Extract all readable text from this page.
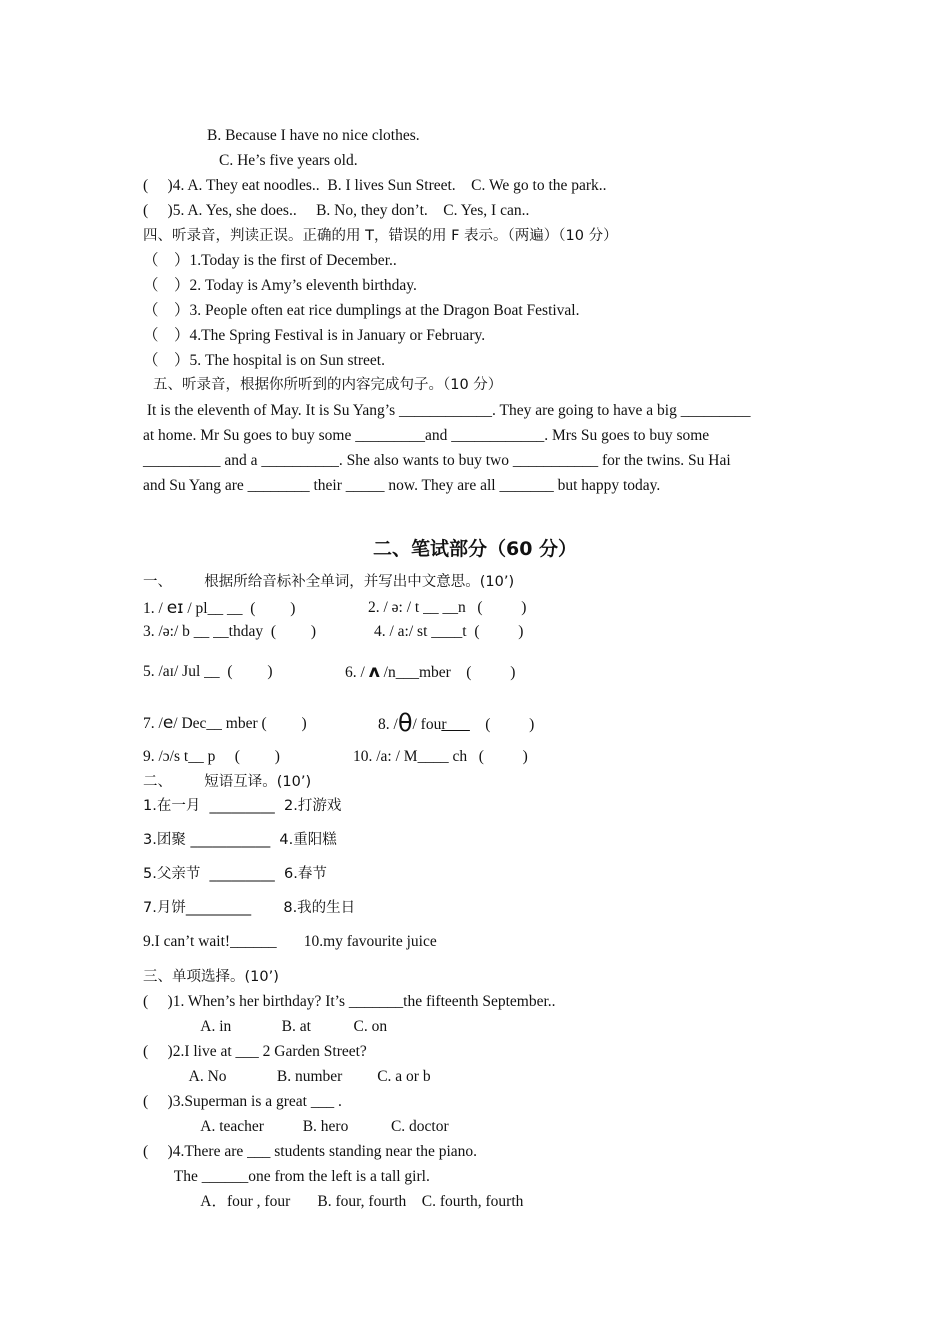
B. Because I have no nice clothes.
C. He’s five years old.
(     )4. A. They eat noodles..  B. I lives Sun Street.    C. We go to the park..
(     )5. A. Yes, she does..     B. No, they don’t.    C. Yes, I can..
四、听录音，判读正误。正确的用 T，错误的用 F 表示。（两遍）（10 分）
（　）1.Today is the first of December..
（　）2. Today is Amy’s eleventh birthday.
（　）3. People often eat rice dumplings at the Dragon Boat Festival.
（　）4.The Spring Festival is in January or February.
（　）5. The hospital is on Sun street.
五、听录音，根据你所听到的内容完成句子。（10 分）
It is the eleventh of May. It is Su Yang’s ____________. They are going to have a big _________
at home. Mr Su goes to buy some _________and ____________. Mrs Su goes to buy some
__________ and a __________. She also wants to buy two ___________ for the twins. Su Hai
and Su Yang are ________ their _____ now. They are all _______ but happy today.
二、笔试部分（60 分）
一、       根据所给音标补全单词，并写出中文意思。(10’)
1. / eɪ / pl__ __  (         )	2. / ə: / t __ __n   (          )
3. /ə:/ b __ __thday  (         )	4. / a:/ st ____t  (          )
5. /aɪ/ Jul __  (         )	6. / ʌ /n___mber    (          )
7. /e/ Dec__ mber (         )	8. /θ/ four___    (          )
9. /ɔ/s t__ p     (         )	10. /a: / M____ ch   (          )
二、       短语互译。(10’)
1.在一月  _________  2.打游戏
3.团聚 ___________  4.重阳糕
5.父亲节  _________  6.春节
7.月饼_________       8.我的生日
9.I can’t wait!______       10.my favourite juice
三、单项选择。(10’)
(     )1. When’s her birthday? It’s _______the fifteenth September..
A. in             B. at           C. on
(     )2.I live at ___ 2 Garden Street?
A. No             B. number         C. a or b
(     )3.Superman is a great ___ .
A. teacher          B. hero           C. doctor
(     )4.There are ___ students standing near the piano.
The ______one from the left is a tall girl.
A．four , four       B. four, fourth    C. fourth, fourth
